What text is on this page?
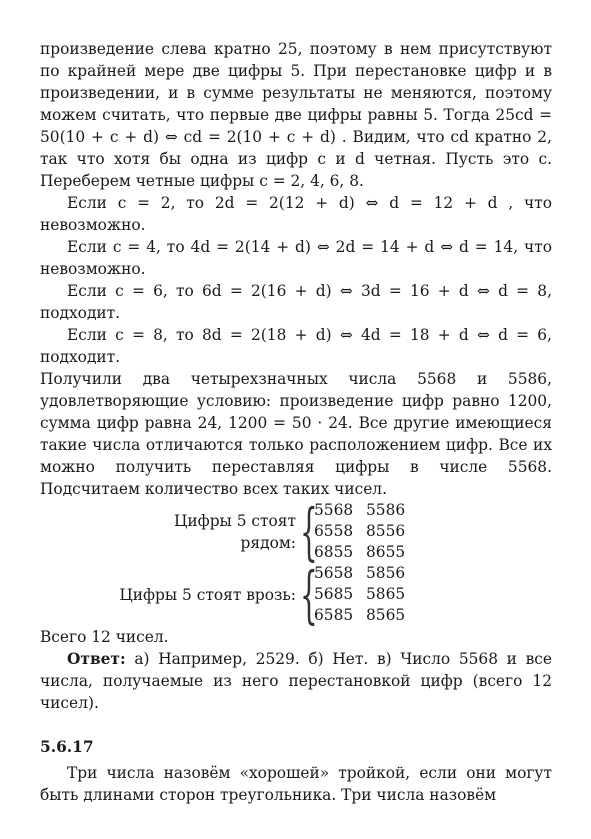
произведение слева кратно 25, поэтому в нем присутствуют по крайней мере две цифры 5. При перестановке цифр и в произведении, и в сумме результаты не меняются, поэтому можем считать, что первые две цифры равны 5. Тогда 25cd = 50(10 + c + d) ⇔ cd = 2(10 + c + d) . Видим, что cd кратно 2, так что хотя бы одна из цифр c и d четная. Пусть это c. Переберем четные цифры c = 2, 4, 6, 8.

Если c = 2, то 2d = 2(12 + d) ⇔ d = 12 + d , что невозможно.

Если c = 4, то 4d = 2(14 + d) ⇔ 2d = 14 + d ⇔ d = 14, что невозможно.

Если c = 6, то 6d = 2(16 + d) ⇔ 3d = 16 + d ⇔ d = 8, подходит.

Если c = 8, то 8d = 2(18 + d) ⇔ 4d = 18 + d ⇔ d = 6, подходит.

Получили два четырехзначных числа 5568 и 5586, удовлетворяющие условию: произведение цифр равно 1200, сумма цифр равна 24, 1200 = 50 · 24. Все другие имеющиеся такие числа отличаются только расположением цифр. Все их можно получить переставляя цифры в числе 5568. Подсчитаем количество всех таких чисел.

Цифры 5 стоят рядом: {
5568 5586
6558 8556
6855 8655
Цифры 5 стоят врозь: {
5658 5856
5685 5865
6585 8565

Всего 12 чисел.

Ответ: а) Например, 2529. б) Нет. в) Число 5568 и все числа, получаемые из него перестановкой цифр (всего 12 чисел).

5.6.17

Три числа назовём «хорошей» тройкой, если они могут быть длинами сторон треугольника. Три числа назовём
